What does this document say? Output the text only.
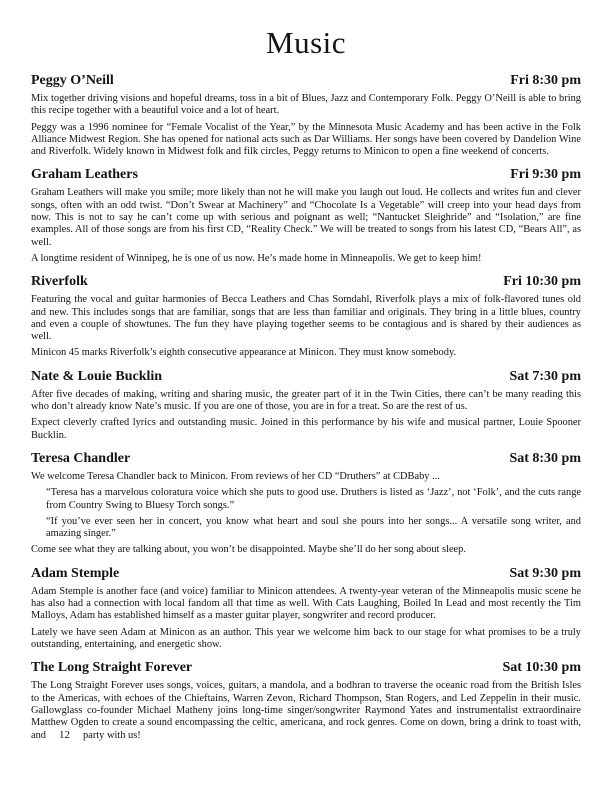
Music
Peggy O’Neill	Fri 8:30 pm

Mix together driving visions and hopeful dreams, toss in a bit of Blues, Jazz and Contemporary Folk. Peggy O’Neill is able to bring this recipe together with a beautiful voice and a lot of heart.

Peggy was a 1996 nominee for “Female Vocalist of the Year,” by the Minnesota Music Academy and has been active in the Folk Alliance Midwest Region. She has opened for national acts such as Dar Williams. Her songs have been covered by Dandelion Wine and Riverfolk. Widely known in Midwest folk and filk circles, Peggy returns to Minicon to open a fine weekend of concerts.

Graham Leathers	Fri 9:30 pm

Graham Leathers will make you smile; more likely than not he will make you laugh out loud. He collects and writes fun and clever songs, often with an odd twist. “Don’t Swear at Machinery” and “Chocolate Is a Vegetable” will creep into your head days from now. This is not to say he can’t come up with serious and poignant as well; “Nantucket Sleighride” and “Isolation,” are fine examples. All of those songs are from his first CD, “Reality Check.” We will be treated to songs from his latest CD, “Bears All”, as well.

A longtime resident of Winnipeg, he is one of us now. He’s made home in Minneapolis. We get to keep him!

Riverfolk	Fri 10:30 pm

Featuring the vocal and guitar harmonies of Becca Leathers and Chas Somdahl, Riverfolk plays a mix of folk-flavored tunes old and new. This includes songs that are familiar, songs that are less than familiar and originals. They bring in a little blues, country and even a couple of showtunes. The fun they have playing together seems to be contagious and is shared by their audiences as well.

Minicon 45 marks Riverfolk’s eighth consecutive appearance at Minicon. They must know somebody.

Nate & Louie Bucklin	Sat 7:30 pm

After five decades of making, writing and sharing music, the greater part of it in the Twin Cities, there can’t be many reading this who don’t already know Nate’s music. If you are one of those, you are in for a treat. So are the rest of us.

Expect cleverly crafted lyrics and outstanding music. Joined in this performance by his wife and musical partner, Louie Spooner Bucklin.

Teresa Chandler	Sat 8:30 pm

We welcome Teresa Chandler back to Minicon. From reviews of her CD “Druthers” at CDBaby ...

“Teresa has a marvelous coloratura voice which she puts to good use. Druthers is listed as ‘Jazz’, not ‘Folk’, and the cuts range from Country Swing to Bluesy Torch songs.”

“If you’ve ever seen her in concert, you know what heart and soul she pours into her songs... A versatile song writer, and amazing singer.”

Come see what they are talking about, you won’t be disappointed. Maybe she’ll do her song about sleep.

Adam Stemple	Sat 9:30 pm

Adam Stemple is another face (and voice) familiar to Minicon attendees. A twenty-year veteran of the Minneapolis music scene he has also had a connection with local fandom all that time as well. With Cats Laughing, Boiled In Lead and most recently the Tim Malloys, Adam has established himself as a master guitar player, songwriter and record producer.

Lately we have seen Adam at Minicon as an author. This year we welcome him back to our stage for what promises to be a truly outstanding, entertaining, and energetic show.

The Long Straight Forever	Sat 10:30 pm

The Long Straight Forever uses songs, voices, guitars, a mandola, and a bodhran to traverse the oceanic road from the British Isles to the Americas, with echoes of the Chieftains, Warren Zevon, Richard Thompson, Stan Rogers, and Led Zeppelin in their music. Gallowglass co-founder Michael Matheny joins long-time singer/songwriter Raymond Yates and instrumentalist extraordinaire Matthew Ogden to create a sound encompassing the celtic, americana, and rock genres. Come on down, bring a drink to toast with, and 12 party with us!
